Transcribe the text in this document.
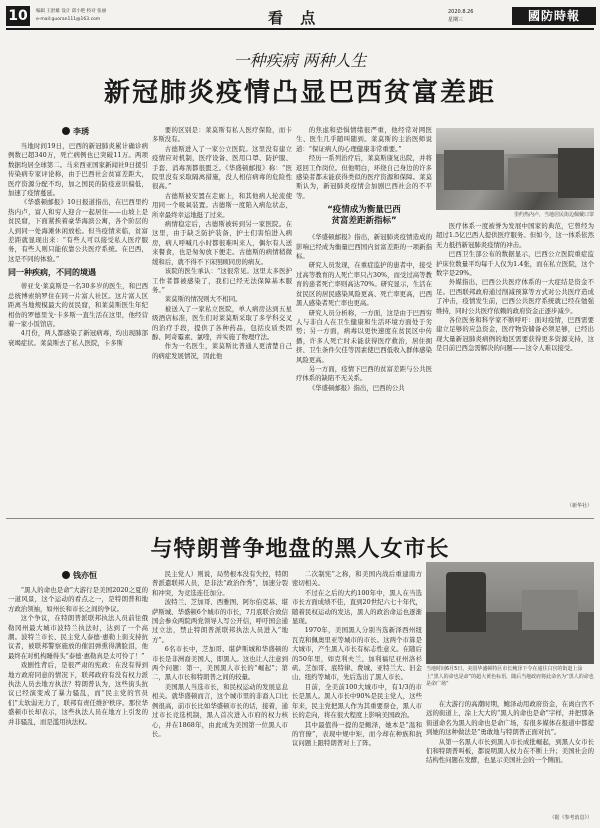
10	编辑 王舒雄 设计 邱小艳 校对 张丽
e-mail:guoran111@163.com	看 点	2020.8.26
星期三	國防時報
一种疾病 两种人生
新冠肺炎疫情凸显巴西贫富差距
李琇

当地时间19日，巴西的新冠肺炎累计确诊病例数已超340万，死亡病例也已突破11万。两项数据均居全球第二。马来西亚国家新闻社9日援引传染病专家评论称，由于巴西社会贫富差距大，医疗资源分配不均，加之国民的防疫意识偏低，加速了疫情蔓延。

《华盛顿邮报》10日报道指出，在巴西里约热内卢，富人和穷人迎合一起居住——山坡上是贫民窟，下面紧挨着豪华海滨公寓，各个阶层的人到同一处海滩休闲放松。但当疫情来临，贫富差距就显现出来：“有些人可以接受私人医疗服务，有些人则只能依靠公共医疗系统。在巴西，这是不同的体验。”

同一种疾病，不同的境遇

蒂亚戈·莱莫斯是一名30多岁的医生，和巴西总统博索纳罗住在同一片富人社区。这片富人区距离当地规模最大的贫民窟，和莱莫斯医生年纪相仿的罗德里戈·卡多斯一直生活在这里，他经营着一家小饭馆店。

4月份，两人都感染了新冠病毒，均出现肺部衰竭症状。莱莫斯去了私人医院，卡多斯

要的区别是：莱莫斯有私人医疗保险，而卡多斯没有。

古德斯进入了一家公立医院。这里没有建立疫情应对机制，医疗设备、医用口罩、防护服、手套、消毒剂都很匮乏。《华盛顿邮报》称：“医院里没有采取隔离措施，没人相信病毒的危险性很高。”

古德斯被安置在走廊上，和其他病人轮流使用同一个吸氧装置。古德斯一度陷入病危状态，所幸最终幸运地挺了过来。

病情稳定后，古德斯被转到另一家医院。在这里，由于缺乏防护装备，护士们害怕进入病房，病人呼喊几小时都很难叫来人，偶尔有人送来餐食，也是匆匆放下便走。古德斯的病情稍微缓和后，就不得不下床照顾同房的病友。

该院的医生承认：“这很常见。这里太多医护工作者都被感染了，我们已经无法保障基本服务。”

莱莫斯的情况则大不相同。

被送入了一家私立医院，单人病房达到五星级酒店标准，医生们对莱莫斯采取了多学科交叉的治疗手段，提供了各种药品，包括皮质类固醇、阿奇霉素、氯喹，并实施了物理疗法。

作为一名医生，莱莫斯比普通人更清楚自己的病症发展情况，因此他

的焦虑和恐惧情绪很严重，他经常对网医生、医生几乎随叫随到。莱莫斯的主治医师说道：“保证病人的心理健康非常重要。”

经历一系列治疗后，莱莫斯康复出院，并将返回工作岗位。但他明白，环绕自己身边的许多感染者都未能获得类似的医疗资源和保障。莱莫斯认为，新冠肺炎疫情会加剧巴西社会的不平等。

“疫情成为衡量巴西
贫富差距新指标”

《华盛顿邮报》指出，新冠肺炎疫情造成的影响已经成为衡量巴西国内贫富差距的一项新指标。

研究人员发现，在重症监护的患者中，接受过高等教育的人死亡率只占30%，而受过高等教育的患者死亡率则高达70%。研究显示，生活在贫民区的居民感染风险更高、死亡率更高，巴西黑人感染者死亡率也更高。

研究人员分析称，一方面，这是由于巴西穷人与非白人在卫生健康和生活环境方面处于劣势；另一方面，病毒以更快速度在贫民区中传播，许多人死亡时未能获得医疗救治，居住拥挤、卫生条件欠佳等因素使巴西低收入群体感染风险更高。

另一方面，疫情下巴西的贫富差距与公共医疗体系的缺陷不无关系。

《华盛顿邮报》指出，巴西的公共

里约热内卢，当地居民街边佩戴口罩

医疗体系一度被誉为发展中国家的典范，它曾经为超过1.5亿巴西人提供医疗服务。但如今，这一体系依然无力抵挡新冠肺炎疫情的冲击。

巴西卫生部公布的数据显示，巴西公立医院重症监护床位数量平均每千人仅为1.4张，而在私立医院，这个数字是29%。

外媒指出，巴西公共医疗体系的一大症结是资金不足。巴西联邦政府通过削减预算等方式对公共医疗造成了冲击，疫情发生前，巴西公共医疗系统就已经在勉强维持，同时公共医疗依赖的政府资金正逐步减少。

各位医务和科学家不断呼吁：面对疫情，巴西需要建立足够的应急资金，医疗物资储备必须足够，已经出现大量新冠肺炎病例的地区需要获得更多资源支持，这是目前巴西急需解决的问题——这令人难以接受。

（新华社）
与特朗普争地盘的黑人女市长
钱亦恒

“黑人的命也是命”大游行是美国2020之夏的一道风景，这个运动的看点之一，是特朗普和地方政治领袖，如州长和市长之间的争议。

这个争议，在特朗普派联邦执法人员前往俄勒冈州最大城市波特兰执法时，达到了一个高潮。波特兰市长、民主党人泰德·惠勒上街支持抗议者，被联邦警察施放的催泪弹熏得满脸泪，他最终在对机构睡得头“泰德·惠勒真是太可怜了！”

戏剧性背后，是很严肃的宪政：在没有得到地方政府同意的情况下，联邦政府有没有权力派执法人员去地方执法？特朗普认为，这些街头抗议已经演变成了暴力骚乱，而“民主党的官员们”太软弱无力了，联邦有责任维护秩序。那位华盛顿市长却表示，这些执法人员在地方上引发的并非骚乱，而是滥用执法权。

民主党人）则说，局势根本没有失控，特朗普派遣联邦人员，是非法“政治作秀”，加速分裂和冲突，为竞选连任加分。

波特兰、芝加哥、西雅图、阿尔伯克基、堪萨斯城、华盛顿6个城市的市长，7月底联合致信国会参众两院两党领导人写公开信，呼吁国会通过立法，禁止特朗普派联邦执法人员进入“地方”。

6名市长中，芝加哥、堪萨斯城和华盛顿的市长是非洲裔美国人，即黑人。这也让人注意到两个问题：第一，美国黑人市长的“崛起”；第二，黑人市长和特朗普之间的较量。

美国黑人当选市长，和民权运动的发展息息相关。就华盛顿而言，这个城市里的非裔人口比例很高，前市长比如华盛顿市长的话，接着，通过市长竞选机制，黑人首次进入市府的权力核心，并在1868年，由此成为美国第一位黑人市长。

二次制宪”之称，和美国内战后重建南方密切相关。

不过在之后的大约100年中，黑人在当选市长方面成绩不佳，直到20世纪六七十年代，随着民权运动的发达，黑人的政治命运也逐渐显现。

1970年，美国黑人分别当选新泽西州纽瓦克和佩奥里亚等城市的市长。这两个市算是大城市，产生黑人市长有标志性意义。在随后的50年里，如克利夫兰、加利福尼亚州洛杉矶、芝加哥、底特律、费城、亚特兰大、旧金山、纽约等城市，先后选出了黑人市长。

目前，全美前100大城市中，有1/3的市长是黑人。黑人市长中90%是民主党人，这些年来，民主党把黑人作为其重要票仓，黑人市长的走向，将在很大程度上影响美国政治。

其中最值得一提的是鲍泽，她本是“温和的官僚”，表现中规中矩，而今却在种族和抗议问题上跟特朗普对上了阵。

当地时间6月5日，美国华盛顿特区市长鲍泽下令在通往白宫的街道上涂上“黑人的命也是命”的超大黄色标语，随后当地政府将此命名为“黑人的命也是命广场”

在大游行的高潮时期，鲍泽动用政府资金，在离白宫不远的街道上，涂上大大的“黑人的命也是命”字样，并把那条街道命名为黑人的命也是命广场，有很多媒体在报道中都提到她的这种做法是“勇敢地与特朗普正面对抗”。

从第一名黑人市长到黑人市长成批崛起，到黑人女市长们和特朗普叫板，都说明黑人权力在不断上升；美国社会的结构性问题在发酵，也显示美国社会的一个侧面。

（据《参考消息》）
